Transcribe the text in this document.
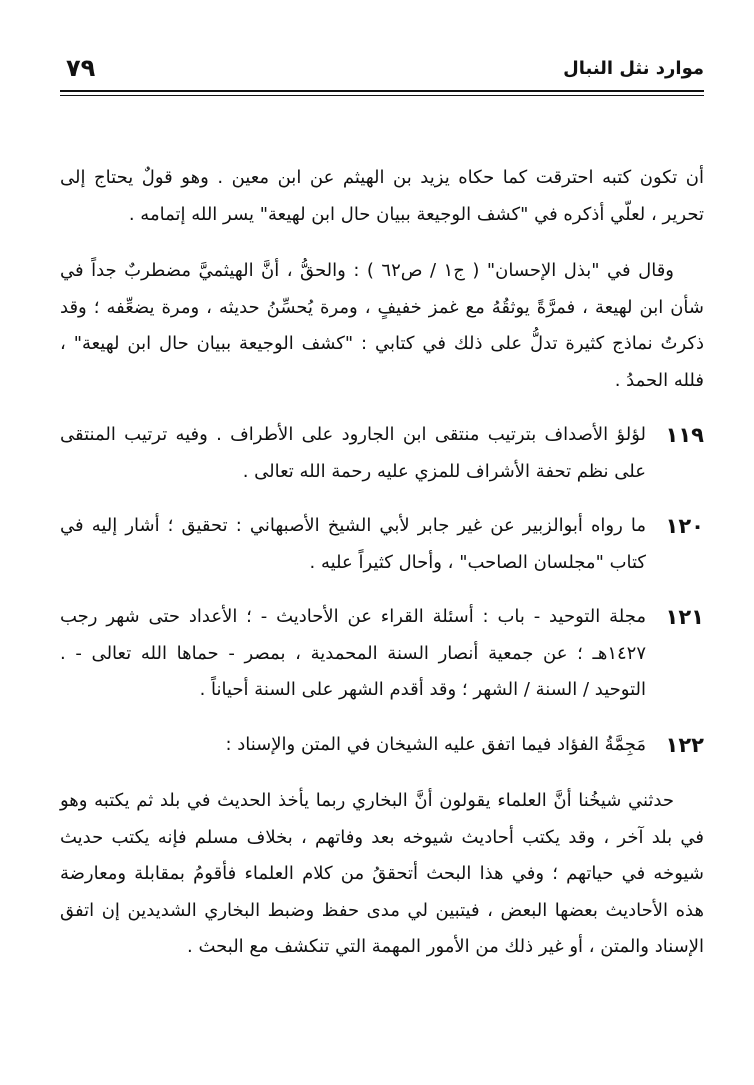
موارد نثل النبال
٧٩

أن تكون كتبه احترقت كما حكاه يزيد بن الهيثم عن ابن معين . وهو قولٌ يحتاج إلى تحرير ، لعلّي أذكره في "كشف الوجيعة ببيان حال ابن لهيعة" يسر الله إتمامه .

وقال في "بذل الإحسان" ( ج١ / ص٦٢ ) : والحقُّ ، أنَّ الهيثميَّ مضطربٌ جداً في شأن ابن لهيعة ، فمرَّةً يوثقُهُ مع غمز خفيفٍ ، ومرة يُحسِّنُ حديثه ، ومرة يضعِّفه ؛ وقد ذكرتُ نماذج كثيرة تدلُّ على ذلك في كتابي : "كشف الوجيعة ببيان حال ابن لهيعة" ، فلله الحمدُ .

١١٩

لؤلؤ الأصداف بترتيب منتقى ابن الجارود على الأطراف . وفيه ترتيب المنتقى على نظم تحفة الأشراف للمزي عليه رحمة الله تعالى .

١٢٠

ما رواه أبوالزبير عن غير جابر لأبي الشيخ الأصبهاني : تحقيق ؛ أشار إليه في كتاب "مجلسان الصاحب" ، وأحال كثيراً عليه .

١٢١

مجلة التوحيد - باب : أسئلة القراء عن الأحاديث - ؛ الأعداد حتى شهر رجب ١٤٢٧هـ ؛ عن جمعية أنصار السنة المحمدية ، بمصر - حماها الله تعالى - . التوحيد / السنة / الشهر ؛ وقد أقدم الشهر على السنة أحياناً .

١٢٢

مَجِمَّةُ الفؤاد فيما اتفق عليه الشيخان في المتن والإسناد :

حدثني شيخُنا أنَّ العلماء يقولون أنَّ البخاري ربما يأخذ الحديث في بلد ثم يكتبه وهو في بلد آخر ، وقد يكتب أحاديث شيوخه بعد وفاتهم ، بخلاف مسلم فإنه يكتب حديث شيوخه في حياتهم ؛ وفي هذا البحث أتحققُ من كلام العلماء فأقومُ بمقابلة ومعارضة هذه الأحاديث بعضها البعض ، فيتبين لي مدى حفظ وضبط البخاري الشديدين إن اتفق الإسناد والمتن ، أو غير ذلك من الأمور المهمة التي تنكشف مع البحث .
